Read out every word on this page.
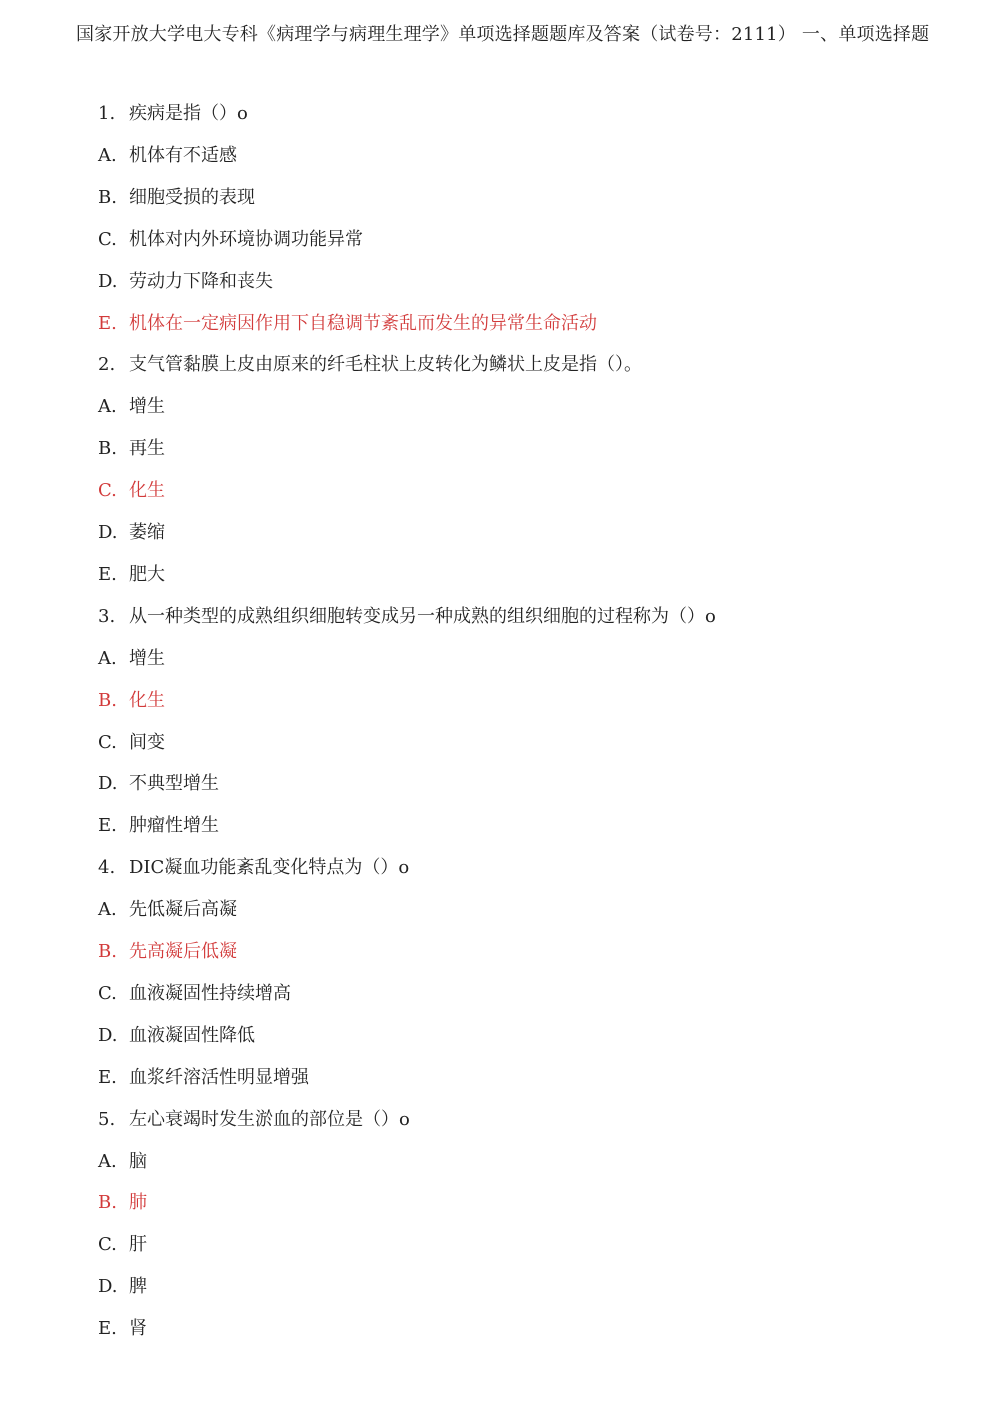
国家开放大学电大专科《病理学与病理生理学》单项选择题题库及答案（试卷号：2111） 一、单项选择题
1. 疾病是指（）o
A. 机体有不适感
B. 细胞受损的表现
C. 机体对内外环境协调功能异常
D. 劳动力下降和丧失
E. 机体在一定病因作用下自稳调节紊乱而发生的异常生命活动
2. 支气管黏膜上皮由原来的纤毛柱状上皮转化为鳞状上皮是指（）。
A. 增生
B. 再生
C. 化生
D. 萎缩
E. 肥大
3. 从一种类型的成熟组织细胞转变成另一种成熟的组织细胞的过程称为（）o
A. 增生
B. 化生
C. 间变
D. 不典型增生
E. 肿瘤性增生
4. DIC凝血功能紊乱变化特点为（）o
A. 先低凝后高凝
B. 先高凝后低凝
C. 血液凝固性持续增高
D. 血液凝固性降低
E. 血浆纤溶活性明显增强
5. 左心衰竭时发生淤血的部位是（）o
A. 脑
B. 肺
C. 肝
D. 脾
E. 肾
